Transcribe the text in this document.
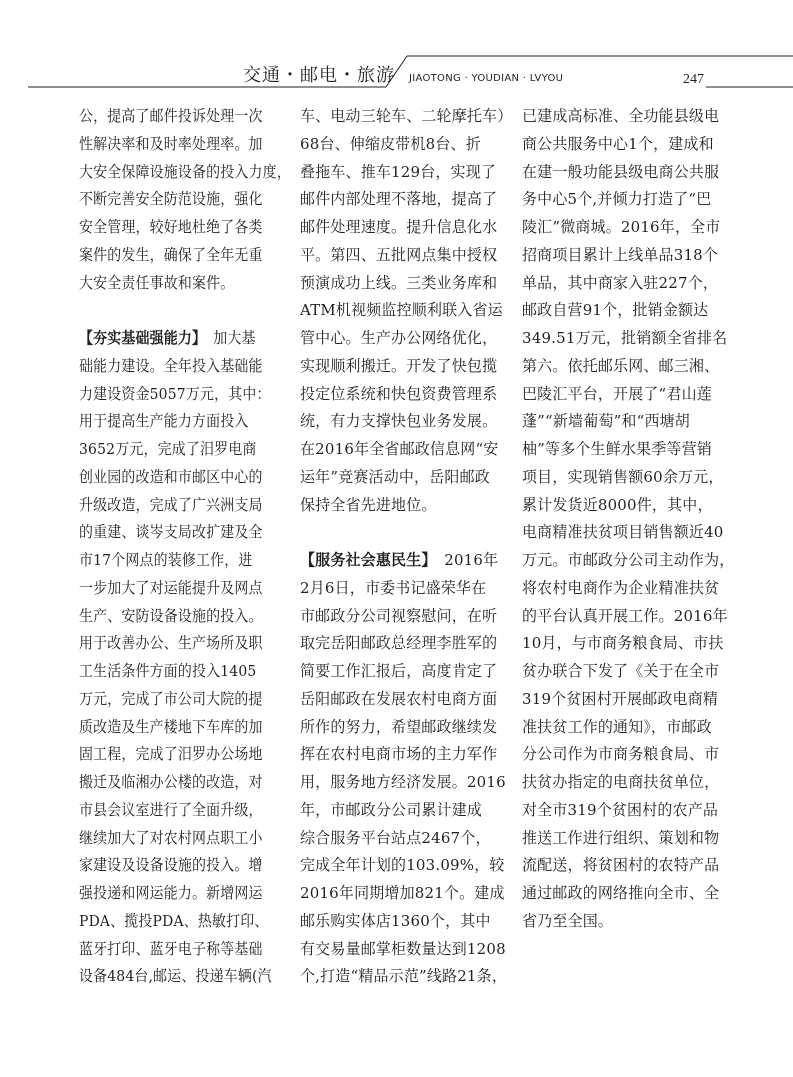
交通・邮电・旅游 JIAOTONG · YOUDIAN · LVYOU	247

公，提高了邮件投诉处理一次

性解决率和及时率处理率。加

大安全保障设施设备的投入力度，

不断完善安全防范设施，强化

安全管理，较好地杜绝了各类

案件的发生，确保了全年无重

大安全责任事故和案件。

【夯实基础强能力】　加大基

础能力建设。全年投入基础能

力建设资金5057万元，其中：

用于提高生产能力方面投入

3652万元，完成了汨罗电商

创业园的改造和市邮区中心的

升级改造，完成了广兴洲支局

的重建、谈岑支局改扩建及全

市17个网点的装修工作，进

一步加大了对运能提升及网点

生产、安防设备设施的投入。

用于改善办公、生产场所及职

工生活条件方面的投入1405

万元，完成了市公司大院的提

质改造及生产楼地下车库的加

固工程，完成了汨罗办公场地

搬迁及临湘办公楼的改造，对

市县会议室进行了全面升级，

继续加大了对农村网点职工小

家建设及设备设施的投入。增

强投递和网运能力。新增网运

PDA、揽投PDA、热敏打印、

蓝牙打印、蓝牙电子称等基础

设备484台,邮运、投递车辆(汽

车、电动三轮车、二轮摩托车）

68台、伸缩皮带机8台、折

叠拖车、推车129台，实现了

邮件内部处理不落地，提高了

邮件处理速度。提升信息化水

平。第四、五批网点集中授权

预演成功上线。三类业务库和

ATM机视频监控顺利联入省运

管中心。生产办公网络优化，

实现顺利搬迁。开发了快包揽

投定位系统和快包资费管理系

统，有力支撑快包业务发展。

在2016年全省邮政信息网“安

运年”竞赛活动中，岳阳邮政

保持全省先进地位。

【服务社会惠民生】　2016年

2月6日，市委书记盛荣华在

市邮政分公司视察慰问，在听

取完岳阳邮政总经理李胜军的

简要工作汇报后，高度肯定了

岳阳邮政在发展农村电商方面

所作的努力，希望邮政继续发

挥在农村电商市场的主力军作

用，服务地方经济发展。2016

年，市邮政分公司累计建成

综合服务平台站点2467个，

完成全年计划的103.09%，较

2016年同期增加821个。建成

邮乐购实体店1360个，其中

有交易量邮掌柜数量达到1208

个,打造“精品示范”线路21条，

已建成高标准、全功能县级电

商公共服务中心1个，建成和

在建一般功能县级电商公共服

务中心5个,并倾力打造了“巴

陵汇”微商城。2016年，全市

招商项目累计上线单品318个

单品，其中商家入驻227个，

邮政自营91个，批销金额达

349.51万元，批销额全省排名

第六。依托邮乐网、邮三湘、

巴陵汇平台，开展了“君山莲

蓬”“新墙葡萄”和“西塘胡

柚”等多个生鲜水果季等营销

项目，实现销售额60余万元，

累计发货近8000件，其中，

电商精准扶贫项目销售额近40

万元。市邮政分公司主动作为，

将农村电商作为企业精准扶贫

的平台认真开展工作。2016年

10月，与市商务粮食局、市扶

贫办联合下发了《关于在全市

319个贫困村开展邮政电商精

准扶贫工作的通知》，市邮政

分公司作为市商务粮食局、市

扶贫办指定的电商扶贫单位，

对全市319个贫困村的农产品

推送工作进行组织、策划和物

流配送，将贫困村的农特产品

通过邮政的网络推向全市、全

省乃至全国。
